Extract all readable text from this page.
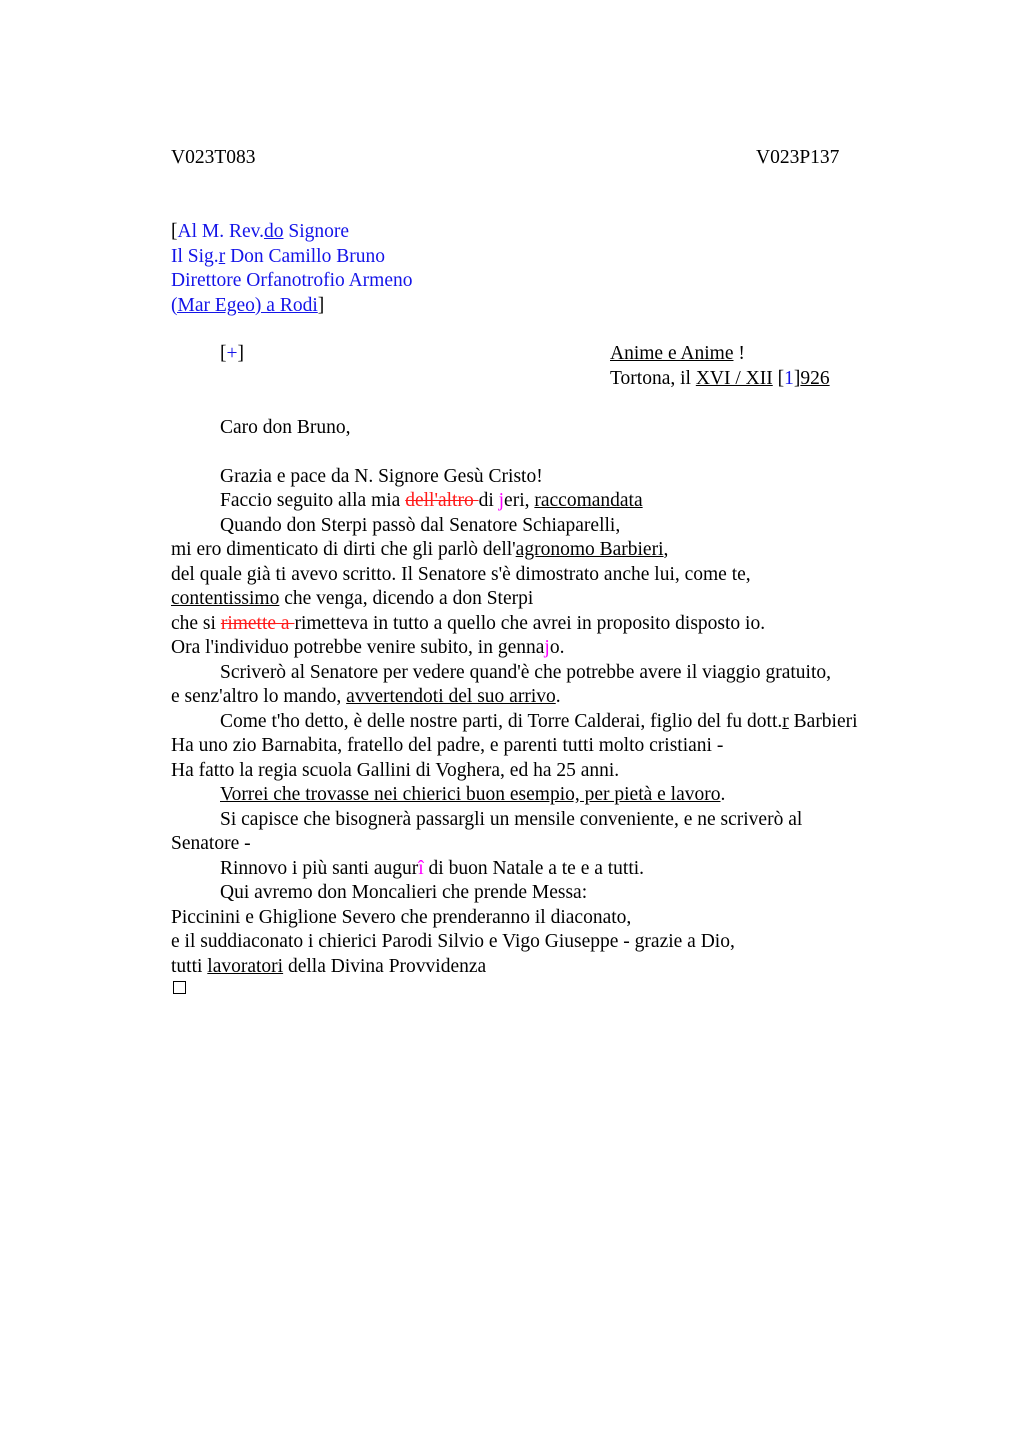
V023T083	V023P137
[Al M. Rev.do Signore
Il Sig.r Don Camillo Bruno
Direttore Orfanotrofio Armeno
(Mar Egeo) a Rodi]
[+]	Anime e Anime !
Tortona, il XVI / XII [1]926
Caro don Bruno,
Grazia e pace da N. Signore Gesù Cristo!
Faccio seguito alla mia dell'altro di jeri, raccomandata
Quando don Sterpi passò dal Senatore Schiaparelli,
mi ero dimenticato di dirti che gli parlò dell'agronomo Barbieri,
del quale già ti avevo scritto. Il Senatore s'è dimostrato anche lui, come te,
contentissimo che venga, dicendo a don Sterpi
che si rimette a rimetteva in tutto a quello che avrei in proposito disposto io.
Ora l'individuo potrebbe venire subito, in gennajo.
Scriverò al Senatore per vedere quand'è che potrebbe avere il viaggio gratuito,
e senz'altro lo mando, avvertendoti del suo arrivo.
Come t'ho detto, è delle nostre parti, di Torre Calderai, figlio del fu dott.r Barbieri
Ha uno zio Barnabita, fratello del padre, e parenti tutti molto cristiani -
Ha fatto la regia scuola Gallini di Voghera, ed ha 25 anni.
Vorrei che trovasse nei chierici buon esempio, per pietà e lavoro.
Si capisce che bisognerà passargli un mensile conveniente, e ne scriverò al
Senatore -
Rinnovo i più santi augurî di buon Natale a te e a tutti.
Qui avremo don Moncalieri che prende Messa:
Piccinini e Ghiglione Severo che prenderanno il diaconato,
e il suddiaconato i chierici Parodi Silvio e Vigo Giuseppe - grazie a Dio,
tutti lavoratori della Divina Provvidenza
